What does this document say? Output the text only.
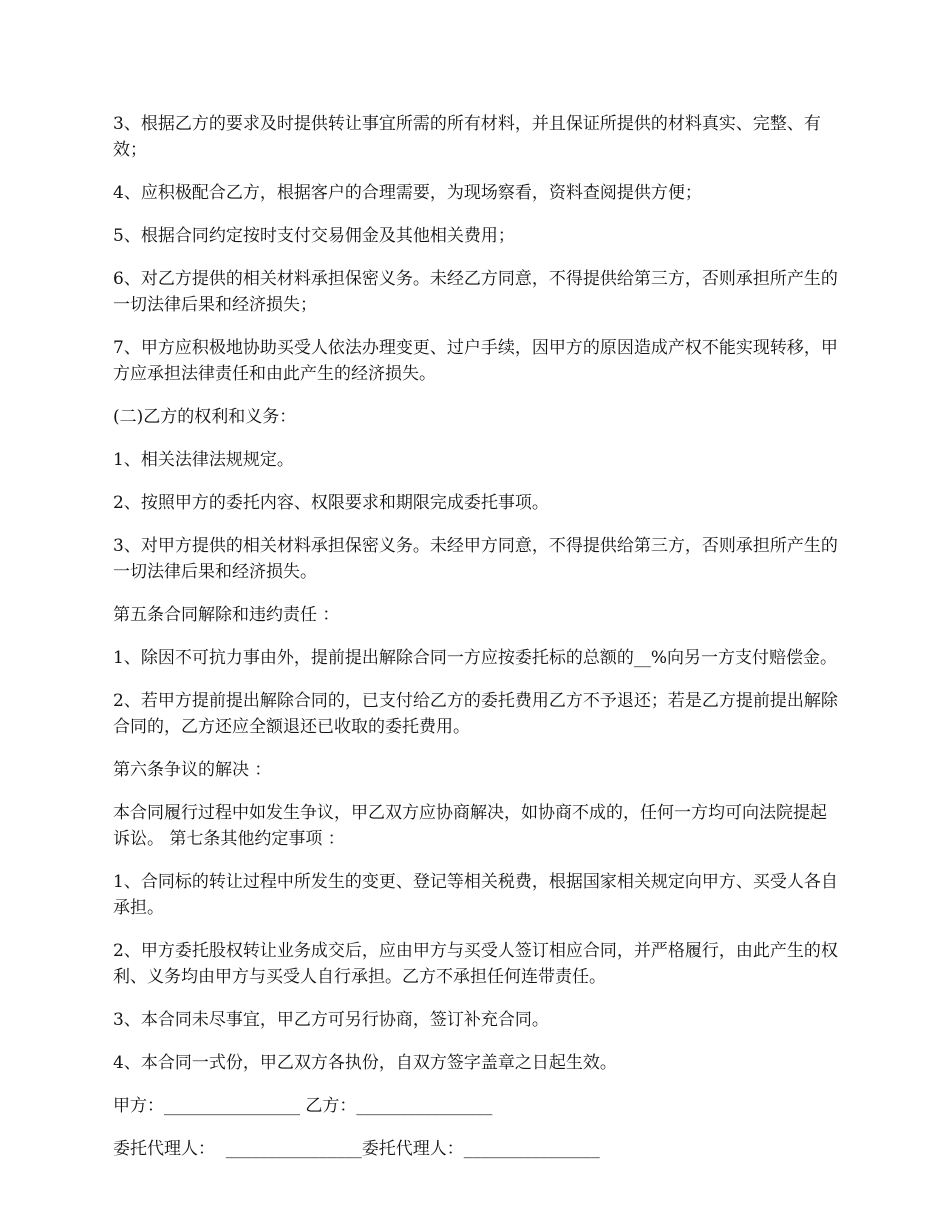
3、根据乙方的要求及时提供转让事宜所需的所有材料，并且保证所提供的材料真实、完整、有效；

4、应积极配合乙方，根据客户的合理需要，为现场察看，资料查阅提供方便；

5、根据合同约定按时支付交易佣金及其他相关费用；

6、对乙方提供的相关材料承担保密义务。未经乙方同意，不得提供给第三方，否则承担所产生的一切法律后果和经济损失；

7、甲方应积极地协助买受人依法办理变更、过户手续，因甲方的原因造成产权不能实现转移，甲方应承担法律责任和由此产生的经济损失。

(二)乙方的权利和义务：

1、相关法律法规规定。

2、按照甲方的委托内容、权限要求和期限完成委托事项。

3、对甲方提供的相关材料承担保密义务。未经甲方同意，不得提供给第三方，否则承担所产生的一切法律后果和经济损失。

第五条合同解除和违约责任 ：

1、除因不可抗力事由外，提前提出解除合同一方应按委托标的总额的__%向另一方支付赔偿金。

2、若甲方提前提出解除合同的，已支付给乙方的委托费用乙方不予退还；若是乙方提前提出解除合同的，乙方还应全额退还已收取的委托费用。

第六条争议的解决 ：

本合同履行过程中如发生争议，甲乙双方应协商解决，如协商不成的，任何一方均可向法院提起诉讼。 第七条其他约定事项 ：

1、合同标的转让过程中所发生的变更、登记等相关税费，根据国家相关规定向甲方、买受人各自承担。

2、甲方委托股权转让业务成交后，应由甲方与买受人签订相应合同，并严格履行，由此产生的权利、义务均由甲方与买受人自行承担。乙方不承担任何连带责任。

3、本合同未尽事宜，甲乙方可另行协商，签订补充合同。

4、本合同一式份，甲乙双方各执份，自双方签字盖章之日起生效。

甲方：________________ 乙方：________________

委托代理人：  ________________委托代理人：________________
